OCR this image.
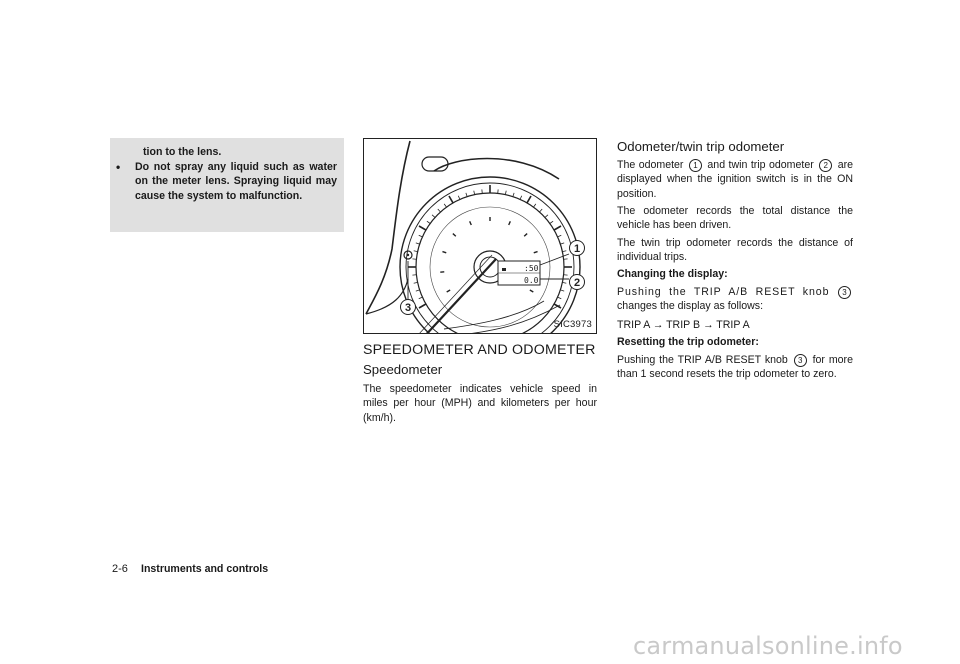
tion to the lens.
Do not spray any liquid such as water on the meter lens. Spraying liquid may cause the system to malfunction.
•
:50
0.0
1
2
3
SIC3973
SPEEDOMETER AND ODOMETER
Speedometer
The speedometer indicates vehicle speed in miles per hour (MPH) and kilometers per hour (km/h).
Odometer/twin trip odometer
The odometer 1 and twin trip odometer 2 are displayed when the ignition switch is in the ON position.
The odometer records the total distance the vehicle has been driven.
The twin trip odometer records the distance of individual trips.
Changing the display:
Pushing the TRIP A/B RESET knob 3 changes the display as follows:
TRIP A → TRIP B → TRIP A
Resetting the trip odometer:
Pushing the TRIP A/B RESET knob 3 for more than 1 second resets the trip odometer to zero.
2-6 Instruments and controls
carmanualsonline.info
